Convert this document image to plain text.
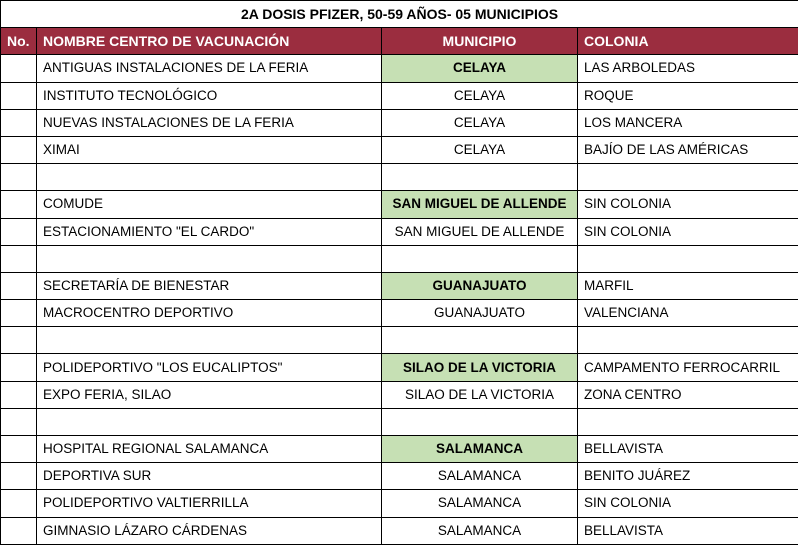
2A DOSIS PFIZER, 50-59 AÑOS- 05 MUNICIPIOS			
No.	NOMBRE CENTRO DE VACUNACIÓN	MUNICIPIO	COLONIA
	ANTIGUAS INSTALACIONES DE LA FERIA	CELAYA	LAS ARBOLEDAS
	INSTITUTO TECNOLÓGICO	CELAYA	ROQUE
	NUEVAS INSTALACIONES DE LA FERIA	CELAYA	LOS MANCERA
	XIMAI	CELAYA	BAJÍO DE LAS AMÉRICAS

	COMUDE	SAN MIGUEL DE ALLENDE	SIN COLONIA
	ESTACIONAMIENTO "EL CARDO"	SAN MIGUEL DE ALLENDE	SIN COLONIA

	SECRETARÍA DE BIENESTAR	GUANAJUATO	MARFIL
	MACROCENTRO DEPORTIVO	GUANAJUATO	VALENCIANA

	POLIDEPORTIVO "LOS EUCALIPTOS"	SILAO DE LA VICTORIA	CAMPAMENTO FERROCARRIL
	EXPO FERIA, SILAO	SILAO DE LA VICTORIA	ZONA CENTRO

	HOSPITAL REGIONAL SALAMANCA	SALAMANCA	BELLAVISTA
	DEPORTIVA SUR	SALAMANCA	BENITO JUÁREZ
	POLIDEPORTIVO VALTIERRILLA	SALAMANCA	SIN COLONIA
	GIMNASIO LÁZARO CÁRDENAS	SALAMANCA	BELLAVISTA
